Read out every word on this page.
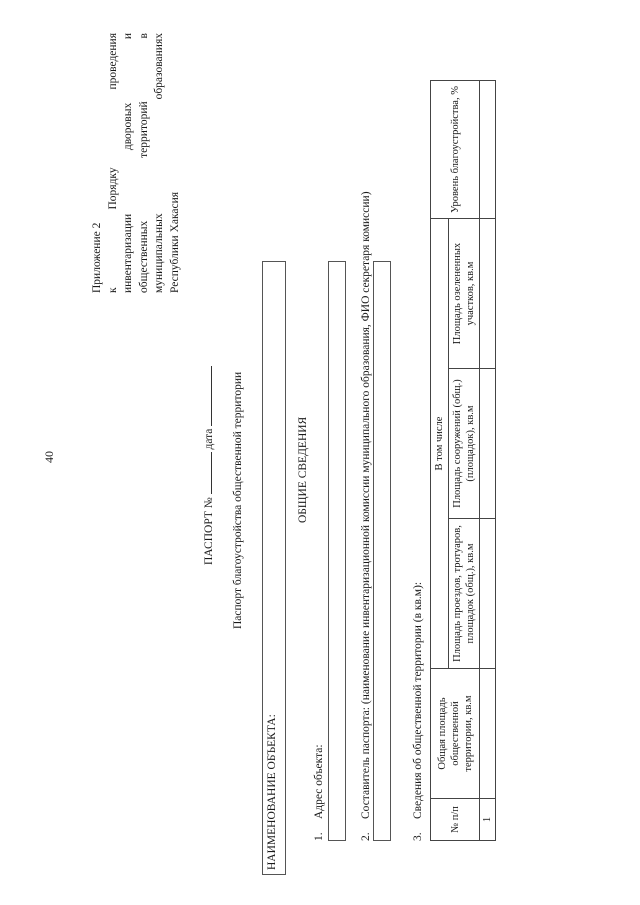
40
Приложение 2 к
Порядку
проведения
инвентаризации
дворовых
и
общественных
территорий
в
муниципальных
образованиях
Республики Хакасия
ПАСПОРТ №  дата Паспорт благоустройства общественной территории
НАИМЕНОВАНИЕ ОБЪЕКТА:
ОБЩИЕ СВЕДЕНИЯ
1.Адрес объекта:
2.Составитель паспорта: (наименование инвентаризационной комиссии муниципального образования, ФИО секретаря комиссии)
3.Сведения об общественной территории (в кв.м):
№ п/п	Общая площадь общественной территории, кв.м	В том числе			Уровень благоустройства, %
		Площадь проездов, тротуаров, площадок (общ.), кв.м	Площадь сооружений (общ.) (площадок), кв.м	Площадь озелененных участков, кв.м	
1					
